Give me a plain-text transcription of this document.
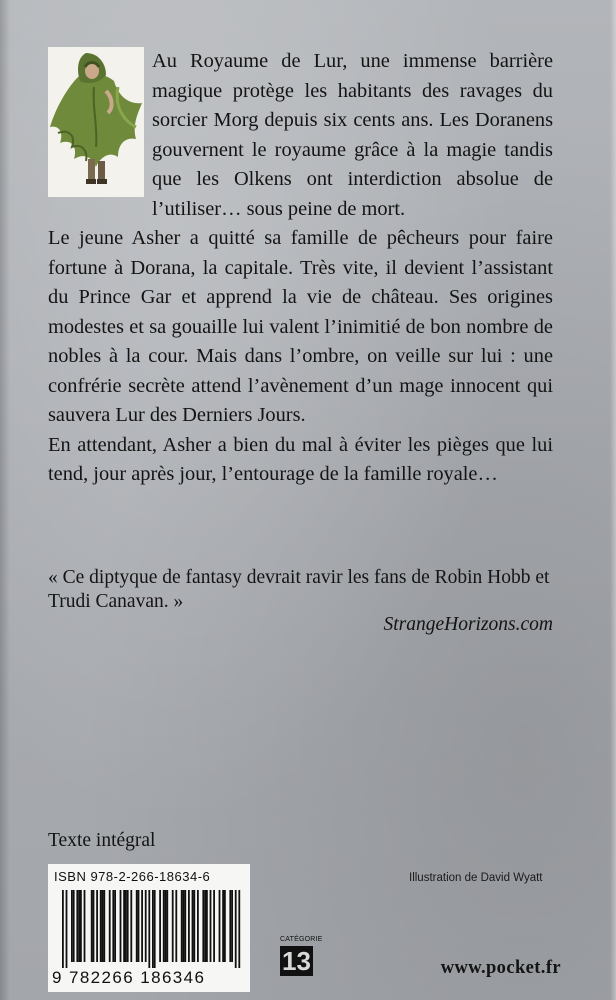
Au Royaume de Lur, une immense barrière magique protège les habitants des ravages du sorcier Morg depuis six cents ans. Les Doranens gouvernent le royaume grâce à la magie tandis que les Olkens ont interdiction absolue de l’utiliser… sous peine de mort.

Le jeune Asher a quitté sa famille de pêcheurs pour faire fortune à Dorana, la capitale. Très vite, il devient l’assistant du Prince Gar et apprend la vie de château. Ses origines modestes et sa gouaille lui valent l’inimitié de bon nombre de nobles à la cour. Mais dans l’ombre, on veille sur lui : une confrérie secrète attend l’avènement d’un mage innocent qui sauvera Lur des Derniers Jours.

En attendant, Asher a bien du mal à éviter les pièges que lui tend, jour après jour, l’entourage de la famille royale…

« Ce diptyque de fantasy devrait ravir les fans de Robin Hobb et Trudi Canavan. »
StrangeHorizons.com
Texte intégral
Illustration de David Wyatt
ISBN 978-2-266-18634-6
9 782266 186346
CATÉGORIE
13	www.pocket.fr
